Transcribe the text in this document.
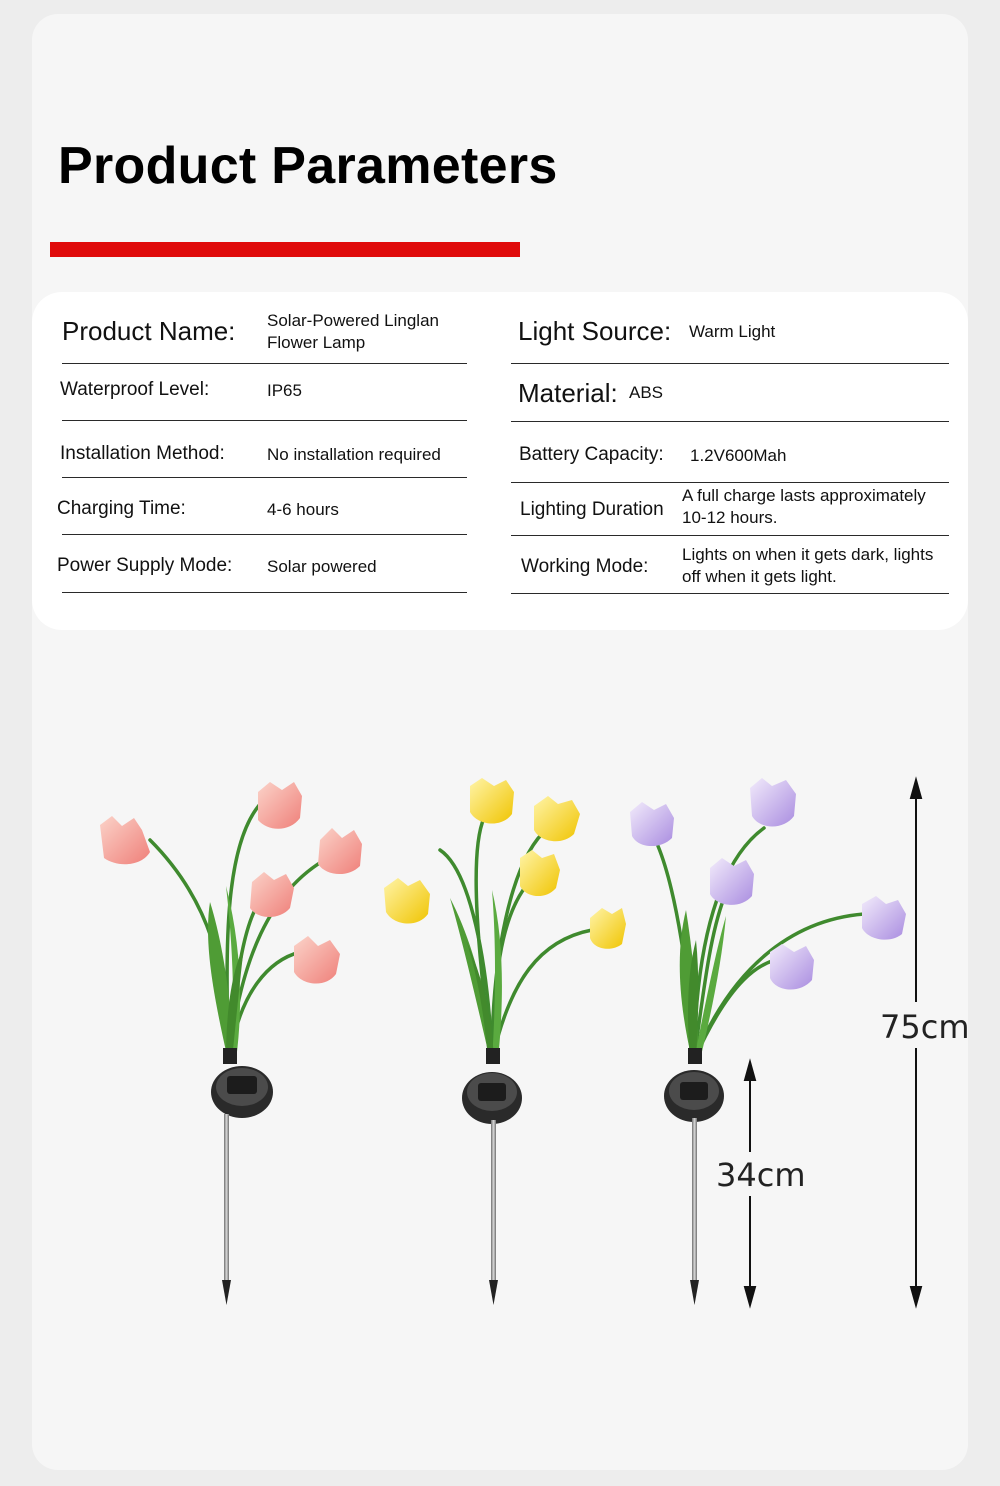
Product Parameters
Product Name: Solar-Powered Linglan Flower Lamp
Waterproof Level:	IP65
Installation Method: No installation required
Charging Time:	4-6 hours
Power Supply Mode: Solar powered
Light Source: Warm Light
Material: ABS
Battery Capacity: 1.2V600Mah
Lighting Duration
A full charge lasts approximately 10-12 hours.
Working Mode:
Lights on when it gets dark, lights off when it gets light.
75cm
34cm
